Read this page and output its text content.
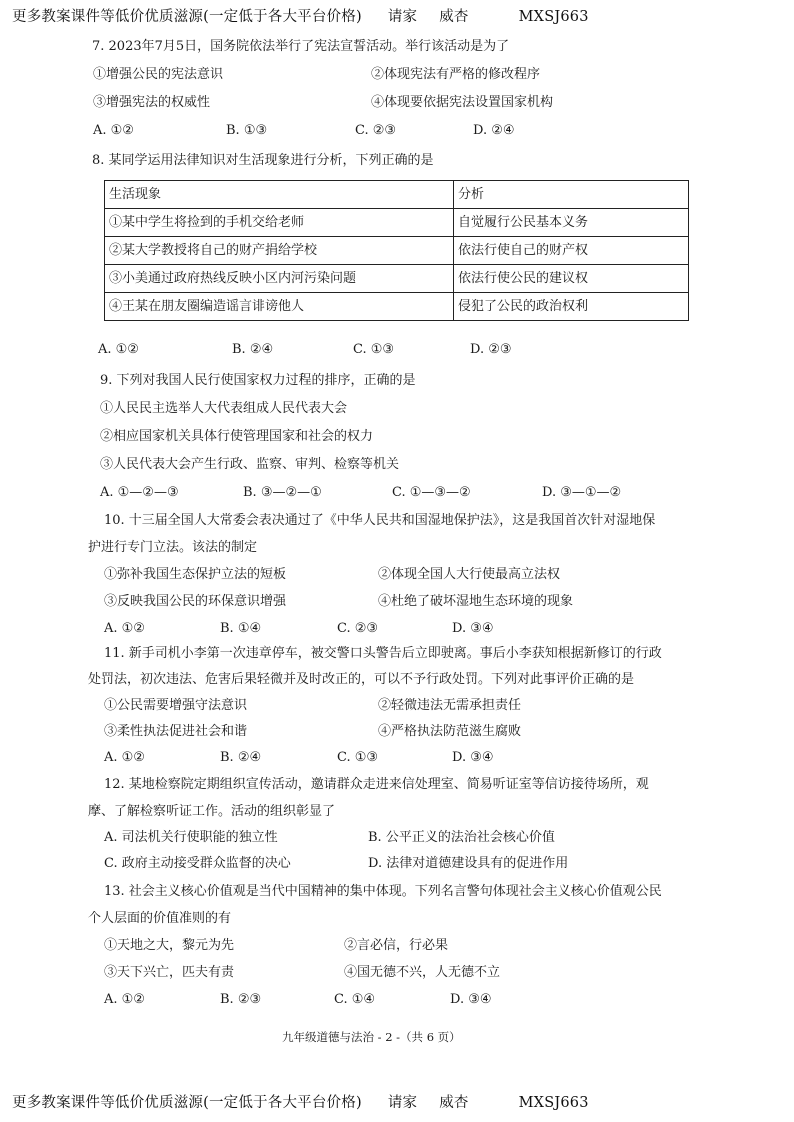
更多教案课件等低价优质滋源(一定低于各大平台价格) 请家 威杏	MXSJ663
7. 2023年7月5日，国务院依法举行了宪法宣誓活动。举行该活动是为了
①增强公民的宪法意识	②体现宪法有严格的修改程序
③增强宪法的权威性	④体现要依据宪法设置国家机构
A. ①②	B. ①③	C. ②③	D. ②④
8. 某同学运用法律知识对生活现象进行分析，下列正确的是
生活现象	分析
①某中学生将捡到的手机交给老师	自觉履行公民基本义务
②某大学教授将自己的财产捐给学校	依法行使自己的财产权
③小美通过政府热线反映小区内河污染问题	依法行使公民的建议权
④王某在朋友圈编造谣言诽谤他人	侵犯了公民的政治权利
A. ①②	B. ②④	C. ①③	D. ②③
9. 下列对我国人民行使国家权力过程的排序，正确的是
①人民民主选举人大代表组成人民代表大会
②相应国家机关具体行使管理国家和社会的权力
③人民代表大会产生行政、监察、审判、检察等机关
A. ①—②—③	B. ③—②—①	C. ①—③—②	D. ③—①—②
10. 十三届全国人大常委会表决通过了《中华人民共和国湿地保护法》，这是我国首次针对湿地保
护进行专门立法。该法的制定
①弥补我国生态保护立法的短板	②体现全国人大行使最高立法权
③反映我国公民的环保意识增强	④杜绝了破坏湿地生态环境的现象
A. ①②	B. ①④	C. ②③	D. ③④
11. 新手司机小李第一次违章停车，被交警口头警告后立即驶离。事后小李获知根据新修订的行政
处罚法，初次违法、危害后果轻微并及时改正的，可以不予行政处罚。下列对此事评价正确的是
①公民需要增强守法意识	②轻微违法无需承担责任
③柔性执法促进社会和谐	④严格执法防范滋生腐败
A. ①②	B. ②④	C. ①③	D. ③④
12. 某地检察院定期组织宣传活动，邀请群众走进来信处理室、简易听证室等信访接待场所，观
摩、了解检察听证工作。活动的组织彰显了
A. 司法机关行使职能的独立性	B. 公平正义的法治社会核心价值
C. 政府主动接受群众监督的决心	D. 法律对道德建设具有的促进作用
13. 社会主义核心价值观是当代中国精神的集中体现。下列名言警句体现社会主义核心价值观公民
个人层面的价值准则的有
①天地之大，黎元为先	②言必信，行必果
③天下兴亡，匹夫有责	④国无德不兴，人无德不立
A. ①②	B. ②③	C. ①④	D. ③④
九年级道德与法治 - 2 -（共 6 页）
更多教案课件等低价优质滋源(一定低于各大平台价格) 请家 威杏	MXSJ663
